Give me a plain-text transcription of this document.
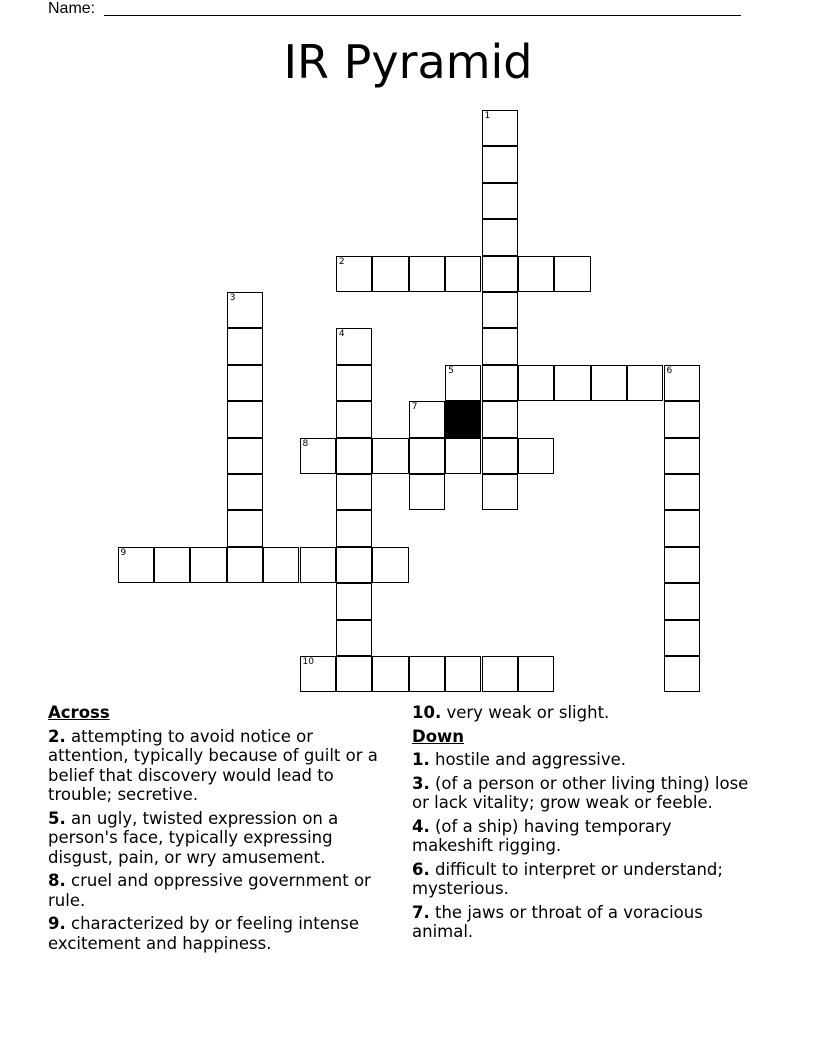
Name:
IR Pyramid
1
2
3
4
5	6
7
8
9
10
Across
2. attempting to avoid notice or attention, typically because of guilt or a belief that discovery would lead to trouble; secretive.
5. an ugly, twisted expression on a person's face, typically expressing disgust, pain, or wry amusement.
8. cruel and oppressive government or rule.
9. characterized by or feeling intense excitement and happiness.
10. very weak or slight.
Down
1. hostile and aggressive.
3. (of a person or other living thing) lose or lack vitality; grow weak or feeble.
4. (of a ship) having temporary makeshift rigging.
6. difficult to interpret or understand; mysterious.
7. the jaws or throat of a voracious animal.
